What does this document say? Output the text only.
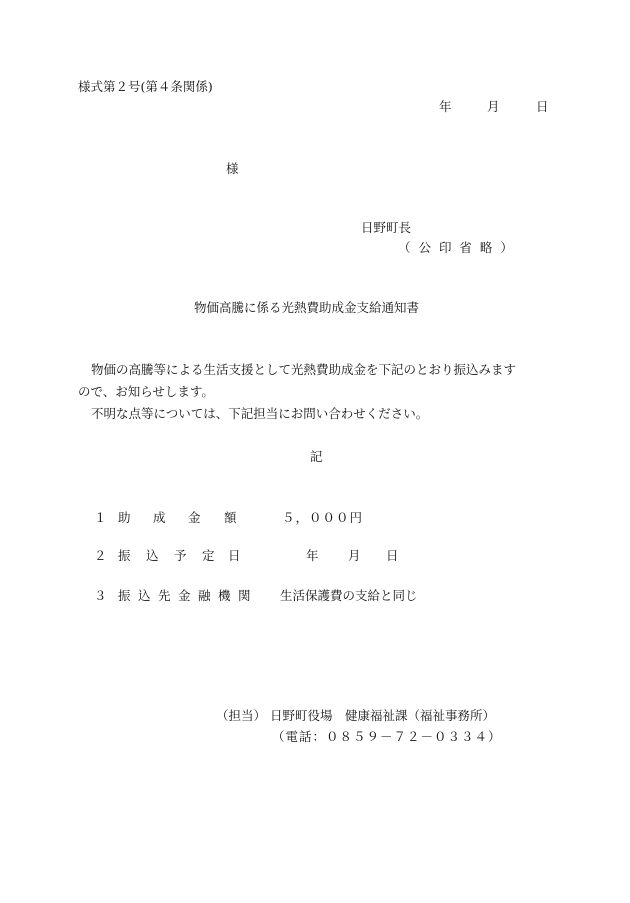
様式第２号(第４条関係)
年	月	日
様
日野町長
（ 公 印 省 略 ）
物価高騰に係る光熱費助成金支給通知書
物価の高騰等による生活支援として光熱費助成金を下記のとおり振込みます
ので、お知らせします。
不明な点等については、下記担当にお問い合わせください。
記
１ 助 成 金 額	５，０００円
２ 振 込 予 定 日	年 月 日
３ 振 込 先 金 融 機 関 生活保護費の支給と同じ
（担当） 日野町役場　健康福祉課（福祉事務所）
（電話：０８５９－７２－０３３４）
